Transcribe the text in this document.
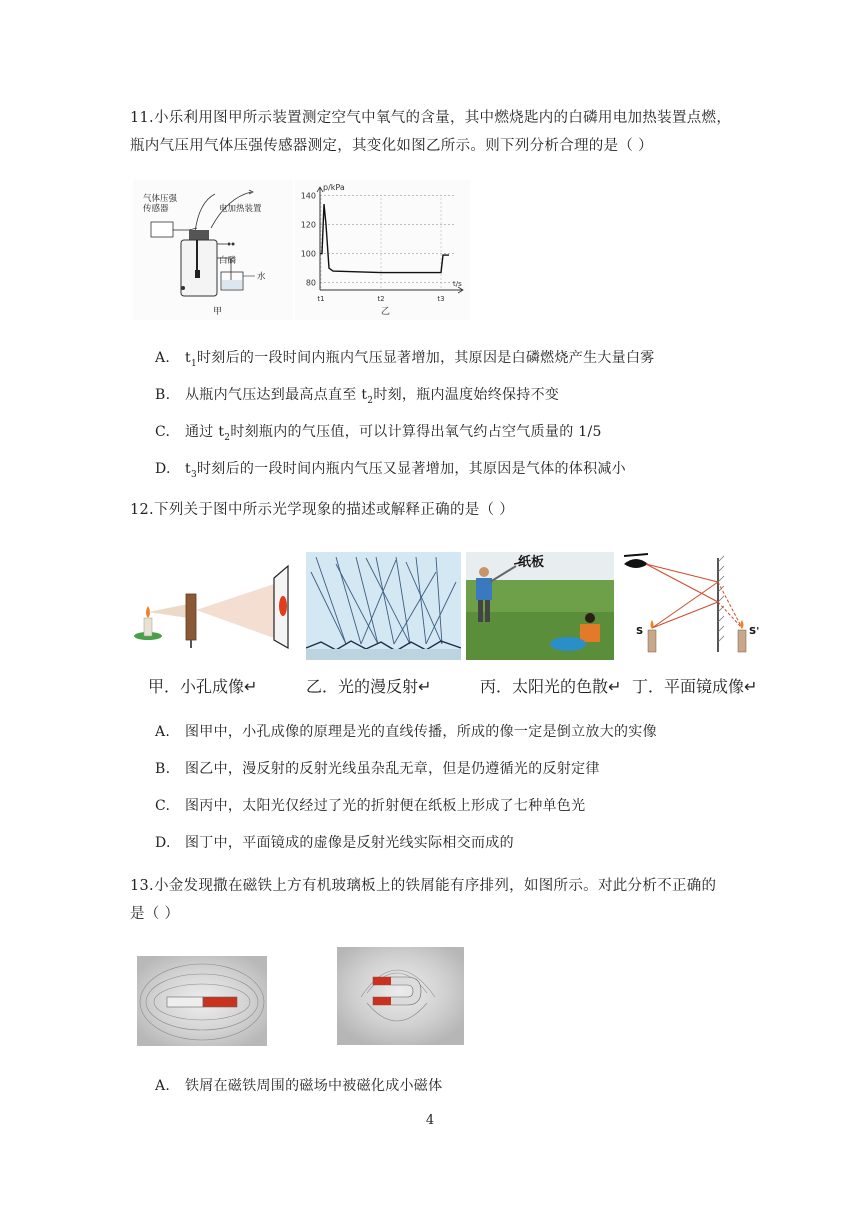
11.小乐利用图甲所示装置测定空气中氧气的含量，其中燃烧匙内的白磷用电加热装置点燃，
瓶内气压用气体压强传感器测定，其变化如图乙所示。则下列分析合理的是（ ）
气体压强传感器	电加热装置
白磷
水
甲
140
120
100
80
t1	t2	t3
p/kPa
t/s
乙
A. $t_1$时刻后的一段时间内瓶内气压显著增加，其原因是白磷燃烧产生大量白雾
B. 从瓶内气压达到最高点直至 $t_2$时刻，瓶内温度始终保持不变
C. 通过 $t_2$时刻瓶内的气压值，可以计算得出氧气约占空气质量的 1/5
D. $t_3$时刻后的一段时间内瓶内气压又显著增加，其原因是气体的体积减小
12.下列关于图中所示光学现象的描述或解释正确的是（ ）
纸板
S	S'
甲．小孔成像↵	乙．光的漫反射↵	丙．太阳光的色散↵ 丁．平面镜成像↵
A. 图甲中，小孔成像的原理是光的直线传播，所成的像一定是倒立放大的实像
B. 图乙中，漫反射的反射光线虽杂乱无章，但是仍遵循光的反射定律
C. 图丙中，太阳光仅经过了光的折射便在纸板上形成了七种单色光
D. 图丁中，平面镜成的虚像是反射光线实际相交而成的
13.小金发现撒在磁铁上方有机玻璃板上的铁屑能有序排列，如图所示。对此分析不正确的
是（ ）
A. 铁屑在磁铁周围的磁场中被磁化成小磁体
4
